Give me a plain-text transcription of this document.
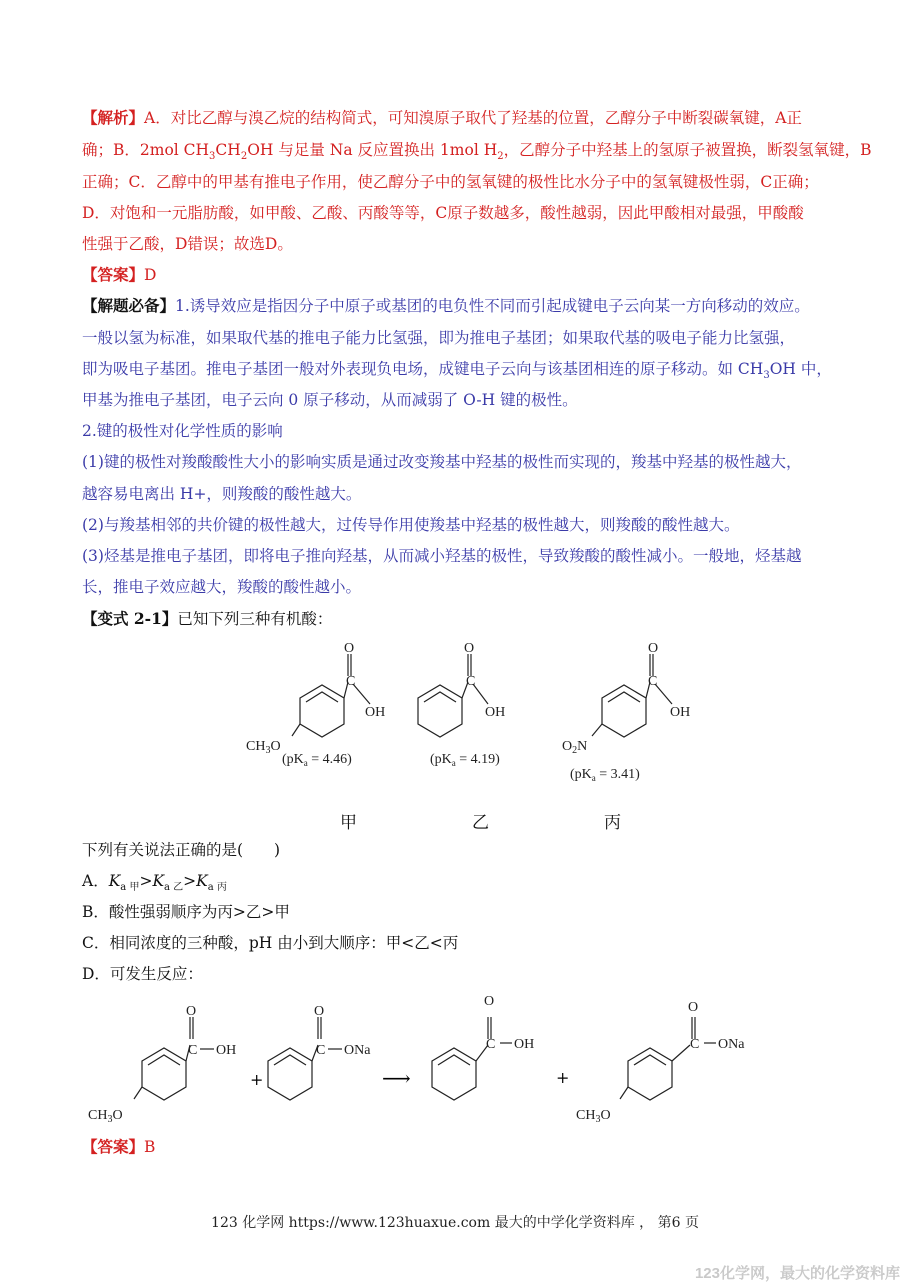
【解析】A．对比乙醇与溴乙烷的结构简式，可知溴原子取代了羟基的位置，乙醇分子中断裂碳氧键，A正
确；B．2mol $CH_3CH_2OH$ 与足量 Na 反应置换出 1mol $H_2$，乙醇分子中羟基上的氢原子被置换，断裂氢氧键，B
正确；C．乙醇中的甲基有推电子作用，使乙醇分子中的氢氧键的极性比水分子中的氢氧键极性弱，C正确；
D．对饱和一元脂肪酸，如甲酸、乙酸、丙酸等等，C原子数越多，酸性越弱，因此甲酸相对最强，甲酸酸
性强于乙酸，D错误；故选D。
【答案】D
【解题必备】1.诱导效应是指因分子中原子或基团的电负性不同而引起成键电子云向某一方向移动的效应。
一般以氢为标准，如果取代基的推电子能力比氢强，即为推电子基团；如果取代基的吸电子能力比氢强，
即为吸电子基团。推电子基团一般对外表现负电场，成键电子云向与该基团相连的原子移动。如 $CH_3OH$ 中，
甲基为推电子基团，电子云向 0 原子移动，从而减弱了 O-H 键的极性。
2.键的极性对化学性质的影响
(1)键的极性对羧酸酸性大小的影响实质是通过改变羧基中羟基的极性而实现的，羧基中羟基的极性越大，
越容易电离出 H+，则羧酸的酸性越大。
(2)与羧基相邻的共价键的极性越大，过传导作用使羧基中羟基的极性越大，则羧酸的酸性越大。
(3)烃基是推电子基团，即将电子推向羟基，从而减小羟基的极性，导致羧酸的酸性减小。一般地，烃基越
长，推电子效应越大，羧酸的酸性越小。
【变式 2-1】已知下列三种有机酸：
O
C
OH
$CH_3O$
O
C
OH
O
C
OH
$O_2N$
$(pK_a = 4.46)$	$(pK_a = 4.19)$
$(pK_a = 3.41)$
甲	乙	丙
下列有关说法正确的是(　　)
A．$K_{a 甲}>K_{a 乙}>K_{a 丙}$
B．酸性强弱顺序为丙>乙>甲
C．相同浓度的三种酸，pH 由小到大顺序：甲<乙<丙
D．可发生反应：
O
C OH
$CH_3O$
O
C ONa
O
C OH
O
C ONa
$CH_3O$
+	⟶	+
【答案】B
123 化学网 https://www.123huaxue.com 最大的中学化学资料库 ， 第6 页
123化学网，最大的化学资料库
